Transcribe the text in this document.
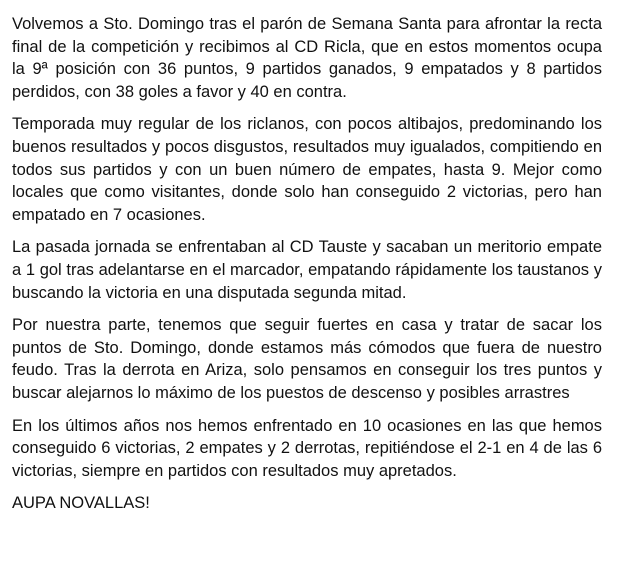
Volvemos a Sto. Domingo tras el parón de Semana Santa para afrontar la recta final de la competición y recibimos al CD Ricla, que en estos momentos ocupa la 9ª posición con 36 puntos, 9 partidos ganados, 9 empatados y 8 partidos perdidos, con 38 goles a favor y 40 en contra.

Temporada muy regular de los riclanos, con pocos altibajos, predominando los buenos resultados y pocos disgustos, resultados muy igualados, compitiendo en todos sus partidos y con un buen número de empates, hasta 9. Mejor como locales que como visitantes, donde solo han conseguido 2 victorias, pero han empatado en 7 ocasiones.

La pasada jornada se enfrentaban al CD Tauste y sacaban un meritorio empate a 1 gol tras adelantarse en el marcador, empatando rápidamente los taustanos y buscando la victoria en una disputada segunda mitad.

Por nuestra parte, tenemos que seguir fuertes en casa y tratar de sacar los puntos de Sto. Domingo, donde estamos más cómodos que fuera de nuestro feudo. Tras la derrota en Ariza, solo pensamos en conseguir los tres puntos y buscar alejarnos lo máximo de los puestos de descenso y posibles arrastres

En los últimos años nos hemos enfrentado en 10 ocasiones en las que hemos conseguido 6 victorias, 2 empates y 2 derrotas, repitiéndose el 2-1 en 4 de las 6 victorias, siempre en partidos con resultados muy apretados.

AUPA NOVALLAS!
